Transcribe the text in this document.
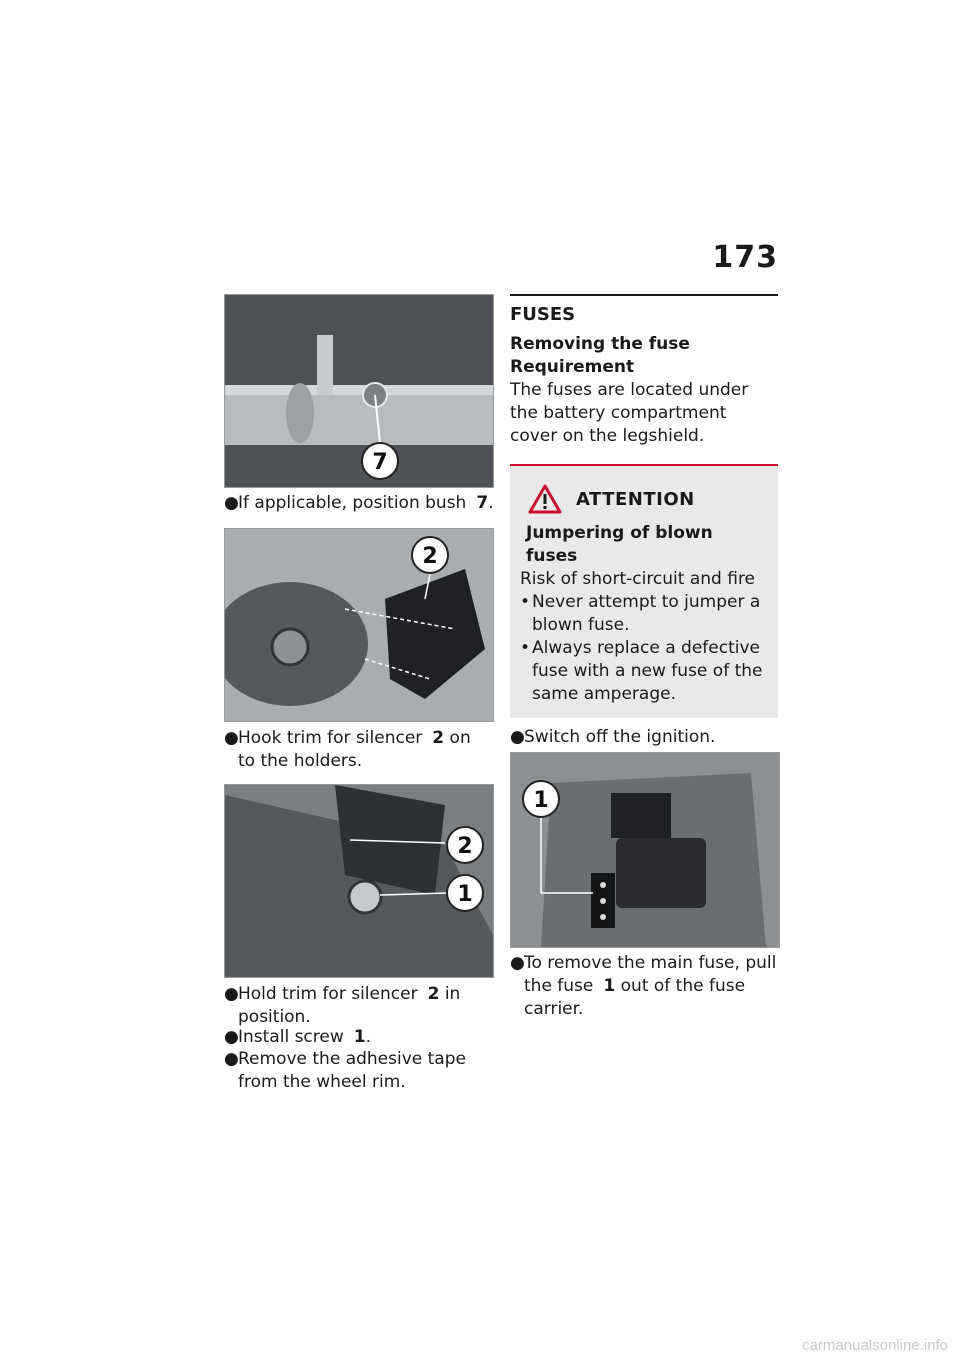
173
7

●If applicable, position bush 7.

2

●Hook trim for silencer 2 on to the holders.

2
1

●Hold trim for silencer 2 in position.

●Install screw 1.

●Remove the adhesive tape from the wheel rim.

FUSES
Removing the fuse
Requirement
The fuses are located under the battery compartment cover on the legshield.
ATTENTION
Jumpering of blown fuses
Risk of short-circuit and fire

• Never attempt to jumper a blown fuse.

• Always replace a defective fuse with a new fuse of the same amperage.

●Switch off the ignition.

1

●To remove the main fuse, pull the fuse 1 out of the fuse carrier.

carmanualsonline.info
